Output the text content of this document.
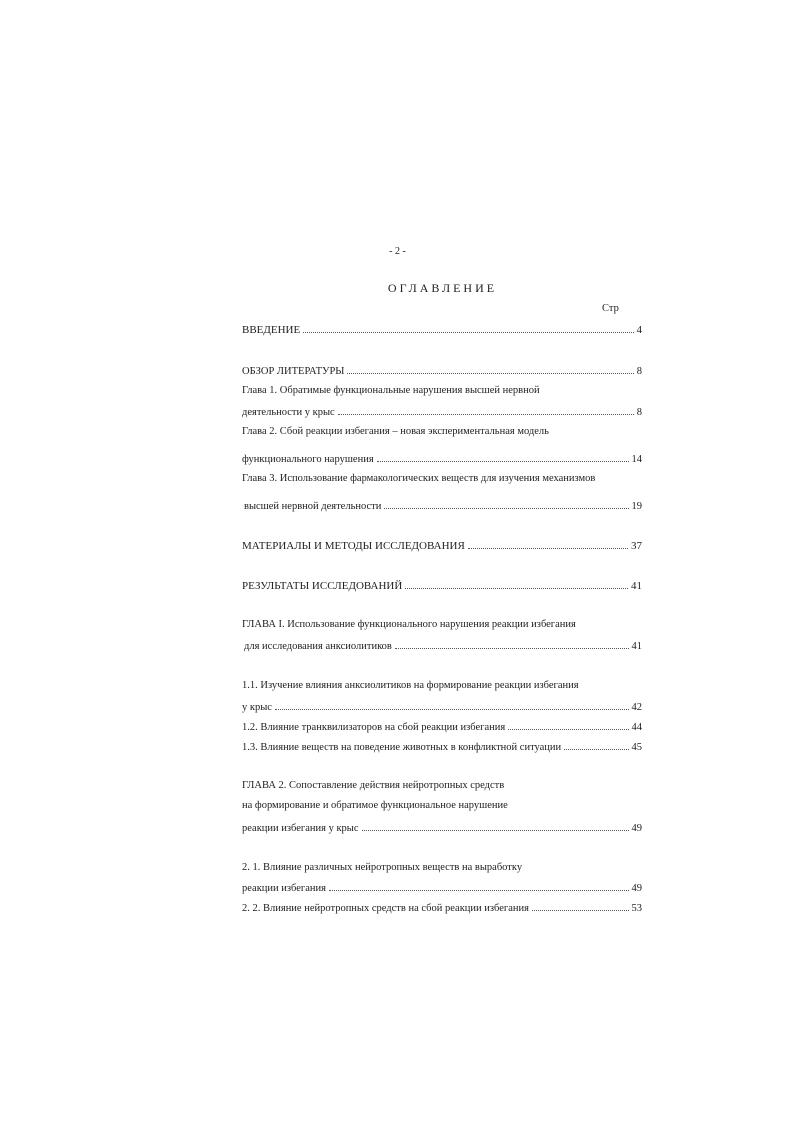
- 2 -
ОГЛАВЛЕНИЕ
Стр
ВВЕДЕНИЕ	4
ОБЗОР ЛИТЕРАТУРЫ	8
Глава 1. Обратимые функциональные нарушения высшей нервной
деятельности у крыс	8
Глава 2. Сбой реакции избегания – новая экспериментальная модель
функционального нарушения	14
Глава 3. Использование фармакологических веществ для изучения механизмов
высшей нервной деятельности	19
МАТЕРИАЛЫ И МЕТОДЫ ИССЛЕДОВАНИЯ	37
РЕЗУЛЬТАТЫ ИССЛЕДОВАНИЙ	41
ГЛАВА I. Использование функционального нарушения реакции избегания
для исследования анксиолитиков	41
1.1. Изучение влияния анксиолитиков на формирование реакции избегания
у крыс	42
1.2. Влияние транквилизаторов на сбой реакции избегания	44
1.3. Влияние веществ на поведение животных в конфликтной ситуации	45
ГЛАВА 2. Сопоставление действия нейротропных средств
на формирование и обратимое функциональное нарушение
реакции избегания у крыс	49
2. 1. Влияние различных нейротропных веществ на выработку
реакции избегания	49
2. 2. Влияние нейротропных средств на сбой реакции избегания	53
